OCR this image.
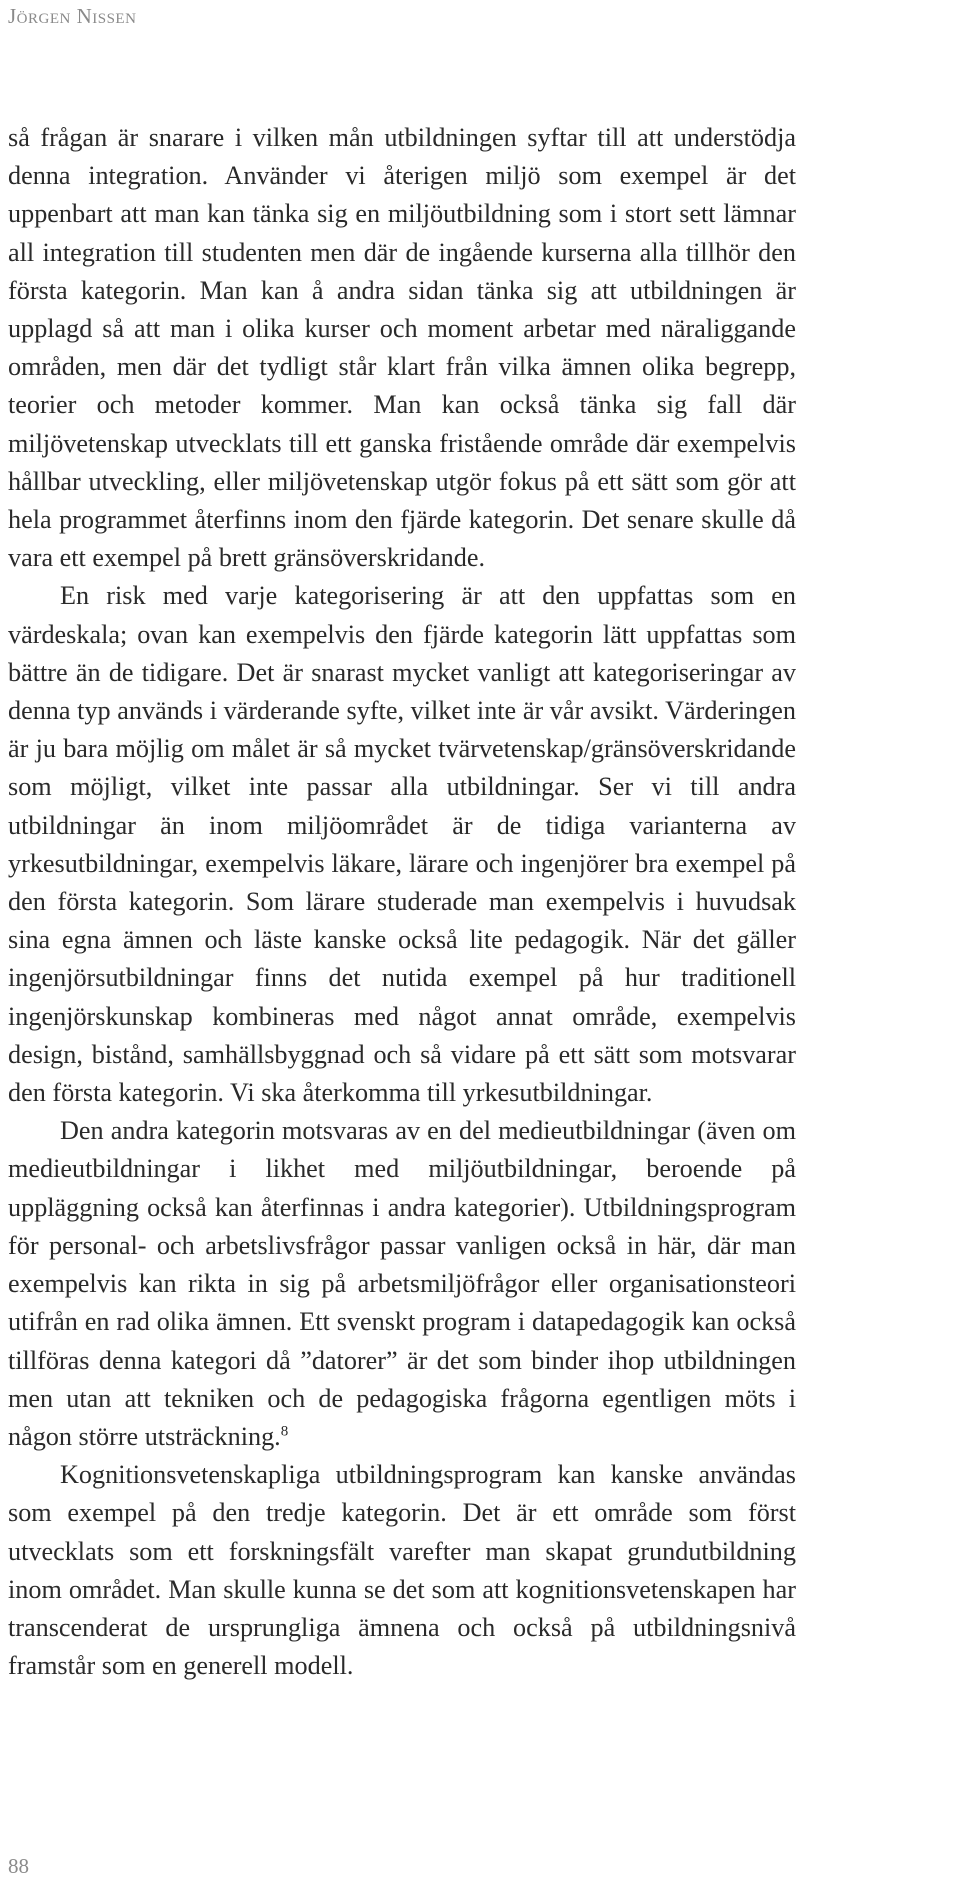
Jörgen Nissen

så frågan är snarare i vilken mån utbildningen syftar till att understödja denna integration. Använder vi återigen miljö som exempel är det uppenbart att man kan tänka sig en miljöutbildning som i stort sett lämnar all integration till studenten men där de ingående kurserna alla tillhör den första kategorin. Man kan å andra sidan tänka sig att utbildningen är upplagd så att man i olika kurser och moment arbetar med näraliggande områden, men där det tydligt står klart från vilka ämnen olika begrepp, teorier och metoder kommer. Man kan också tänka sig fall där miljövetenskap utvecklats till ett ganska fristående område där exempelvis hållbar utveckling, eller miljövetenskap utgör fokus på ett sätt som gör att hela programmet återfinns inom den fjärde kategorin. Det senare skulle då vara ett exempel på brett gränsöverskridande.

En risk med varje kategorisering är att den uppfattas som en värdeskala; ovan kan exempelvis den fjärde kategorin lätt uppfattas som bättre än de tidigare. Det är snarast mycket vanligt att kategoriseringar av denna typ används i värderande syfte, vilket inte är vår avsikt. Värderingen är ju bara möjlig om målet är så mycket tvärvetenskap/gränsöverskridande som möjligt, vilket inte passar alla utbildningar. Ser vi till andra utbildningar än inom miljöområdet är de tidiga varianterna av yrkesutbildningar, exempelvis läkare, lärare och ingenjörer bra exempel på den första kategorin. Som lärare studerade man exempelvis i huvudsak sina egna ämnen och läste kanske också lite pedagogik. När det gäller ingenjörsutbildningar finns det nutida exempel på hur traditionell ingenjörskunskap kombineras med något annat område, exempelvis design, bistånd, samhällsbyggnad och så vidare på ett sätt som motsvarar den första kategorin. Vi ska återkomma till yrkesutbildningar.

Den andra kategorin motsvaras av en del medieutbildningar (även om medieutbildningar i likhet med miljöutbildningar, beroende på uppläggning också kan återfinnas i andra kategorier). Utbildningsprogram för personal- och arbetslivsfrågor passar vanligen också in här, där man exempelvis kan rikta in sig på arbetsmiljöfrågor eller organisationsteori utifrån en rad olika ämnen. Ett svenskt program i datapedagogik kan också tillföras denna kategori då ”datorer” är det som binder ihop utbildningen men utan att tekniken och de pedagogiska frågorna egentligen möts i någon större utsträckning.$^8$

Kognitionsvetenskapliga utbildningsprogram kan kanske användas som exempel på den tredje kategorin. Det är ett område som först utvecklats som ett forskningsfält varefter man skapat grundutbildning inom området. Man skulle kunna se det som att kognitionsvetenskapen har transcenderat de ursprungliga ämnena och också på utbildningsnivå framstår som en generell modell.

88
